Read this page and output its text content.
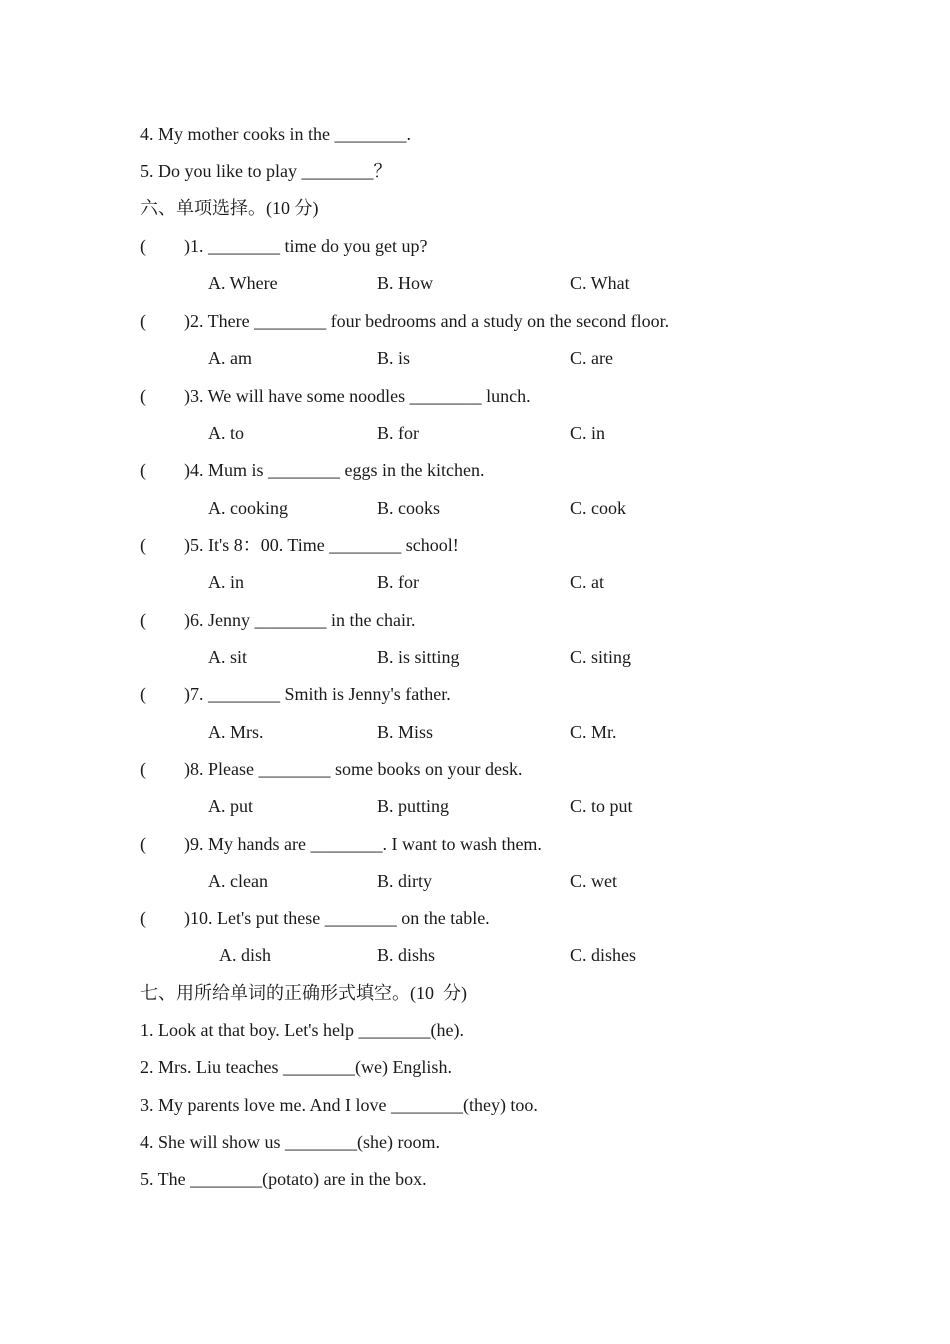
4. My mother cooks in the ________.
5. Do you like to play ________？
六、单项选择。(10 分)
( )1. ________ time do you get up?
A. Where	B. How	C. What
( )2. There ________ four bedrooms and a study on the second floor.
A. am	B. is	C. are
( )3. We will have some noodles ________ lunch.
A. to	B. for	C. in
( )4. Mum is ________ eggs in the kitchen.
A. cooking	B. cooks	C. cook
( )5. It's 8：00. Time ________ school!
A. in	B. for	C. at
( )6. Jenny ________ in the chair.
A. sit	B. is sitting	C. siting
( )7. ________ Smith is Jenny's father.
A. Mrs.	B. Miss	C. Mr.
( )8. Please ________ some books on your desk.
A. put	B. putting	C. to put
( )9. My hands are ________. I want to wash them.
A. clean	B. dirty	C. wet
( )10. Let's put these ________ on the table.
A. dish	B. dishs	C. dishes
七、用所给单词的正确形式填空。(10  分)
1. Look at that boy. Let's help ________(he).
2. Mrs. Liu teaches ________(we) English.
3. My parents love me. And I love ________(they) too.
4. She will show us ________(she) room.
5. The ________(potato) are in the box.
